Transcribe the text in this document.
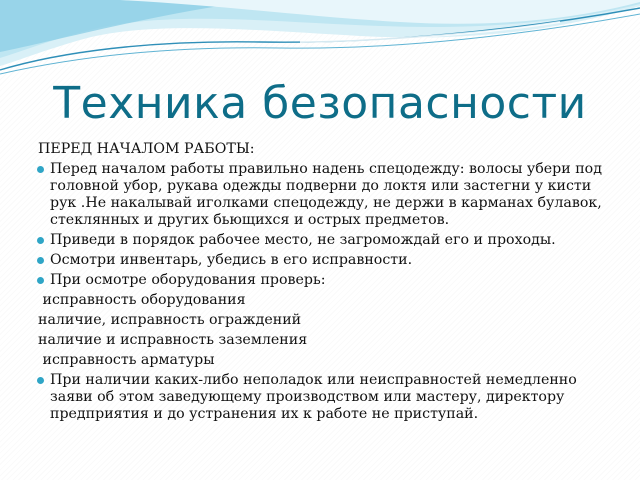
Техника безопасности

ПЕРЕД НАЧАЛОМ РАБОТЫ:

Перед началом работы правильно надень спецодежду: волосы убери под головной убор, рукава одежды подверни до локтя или застегни у кисти рук .Не накалывай иголками спецодежду, не держи в карманах булавок, стеклянных и других бьющихся и острых предметов.
Приведи в порядок рабочее место, не загромождай его и проходы.
Осмотри инвентарь, убедись в его исправности.
При осмотре оборудования проверь:

исправность оборудования

наличие, исправность ограждений

наличие и исправность заземления

исправность арматуры

При наличии каких-либо неполадок или неисправностей немедленно заяви об этом заведующему производством или мастеру, директору предприятия и до устранения их к работе не приступай.
